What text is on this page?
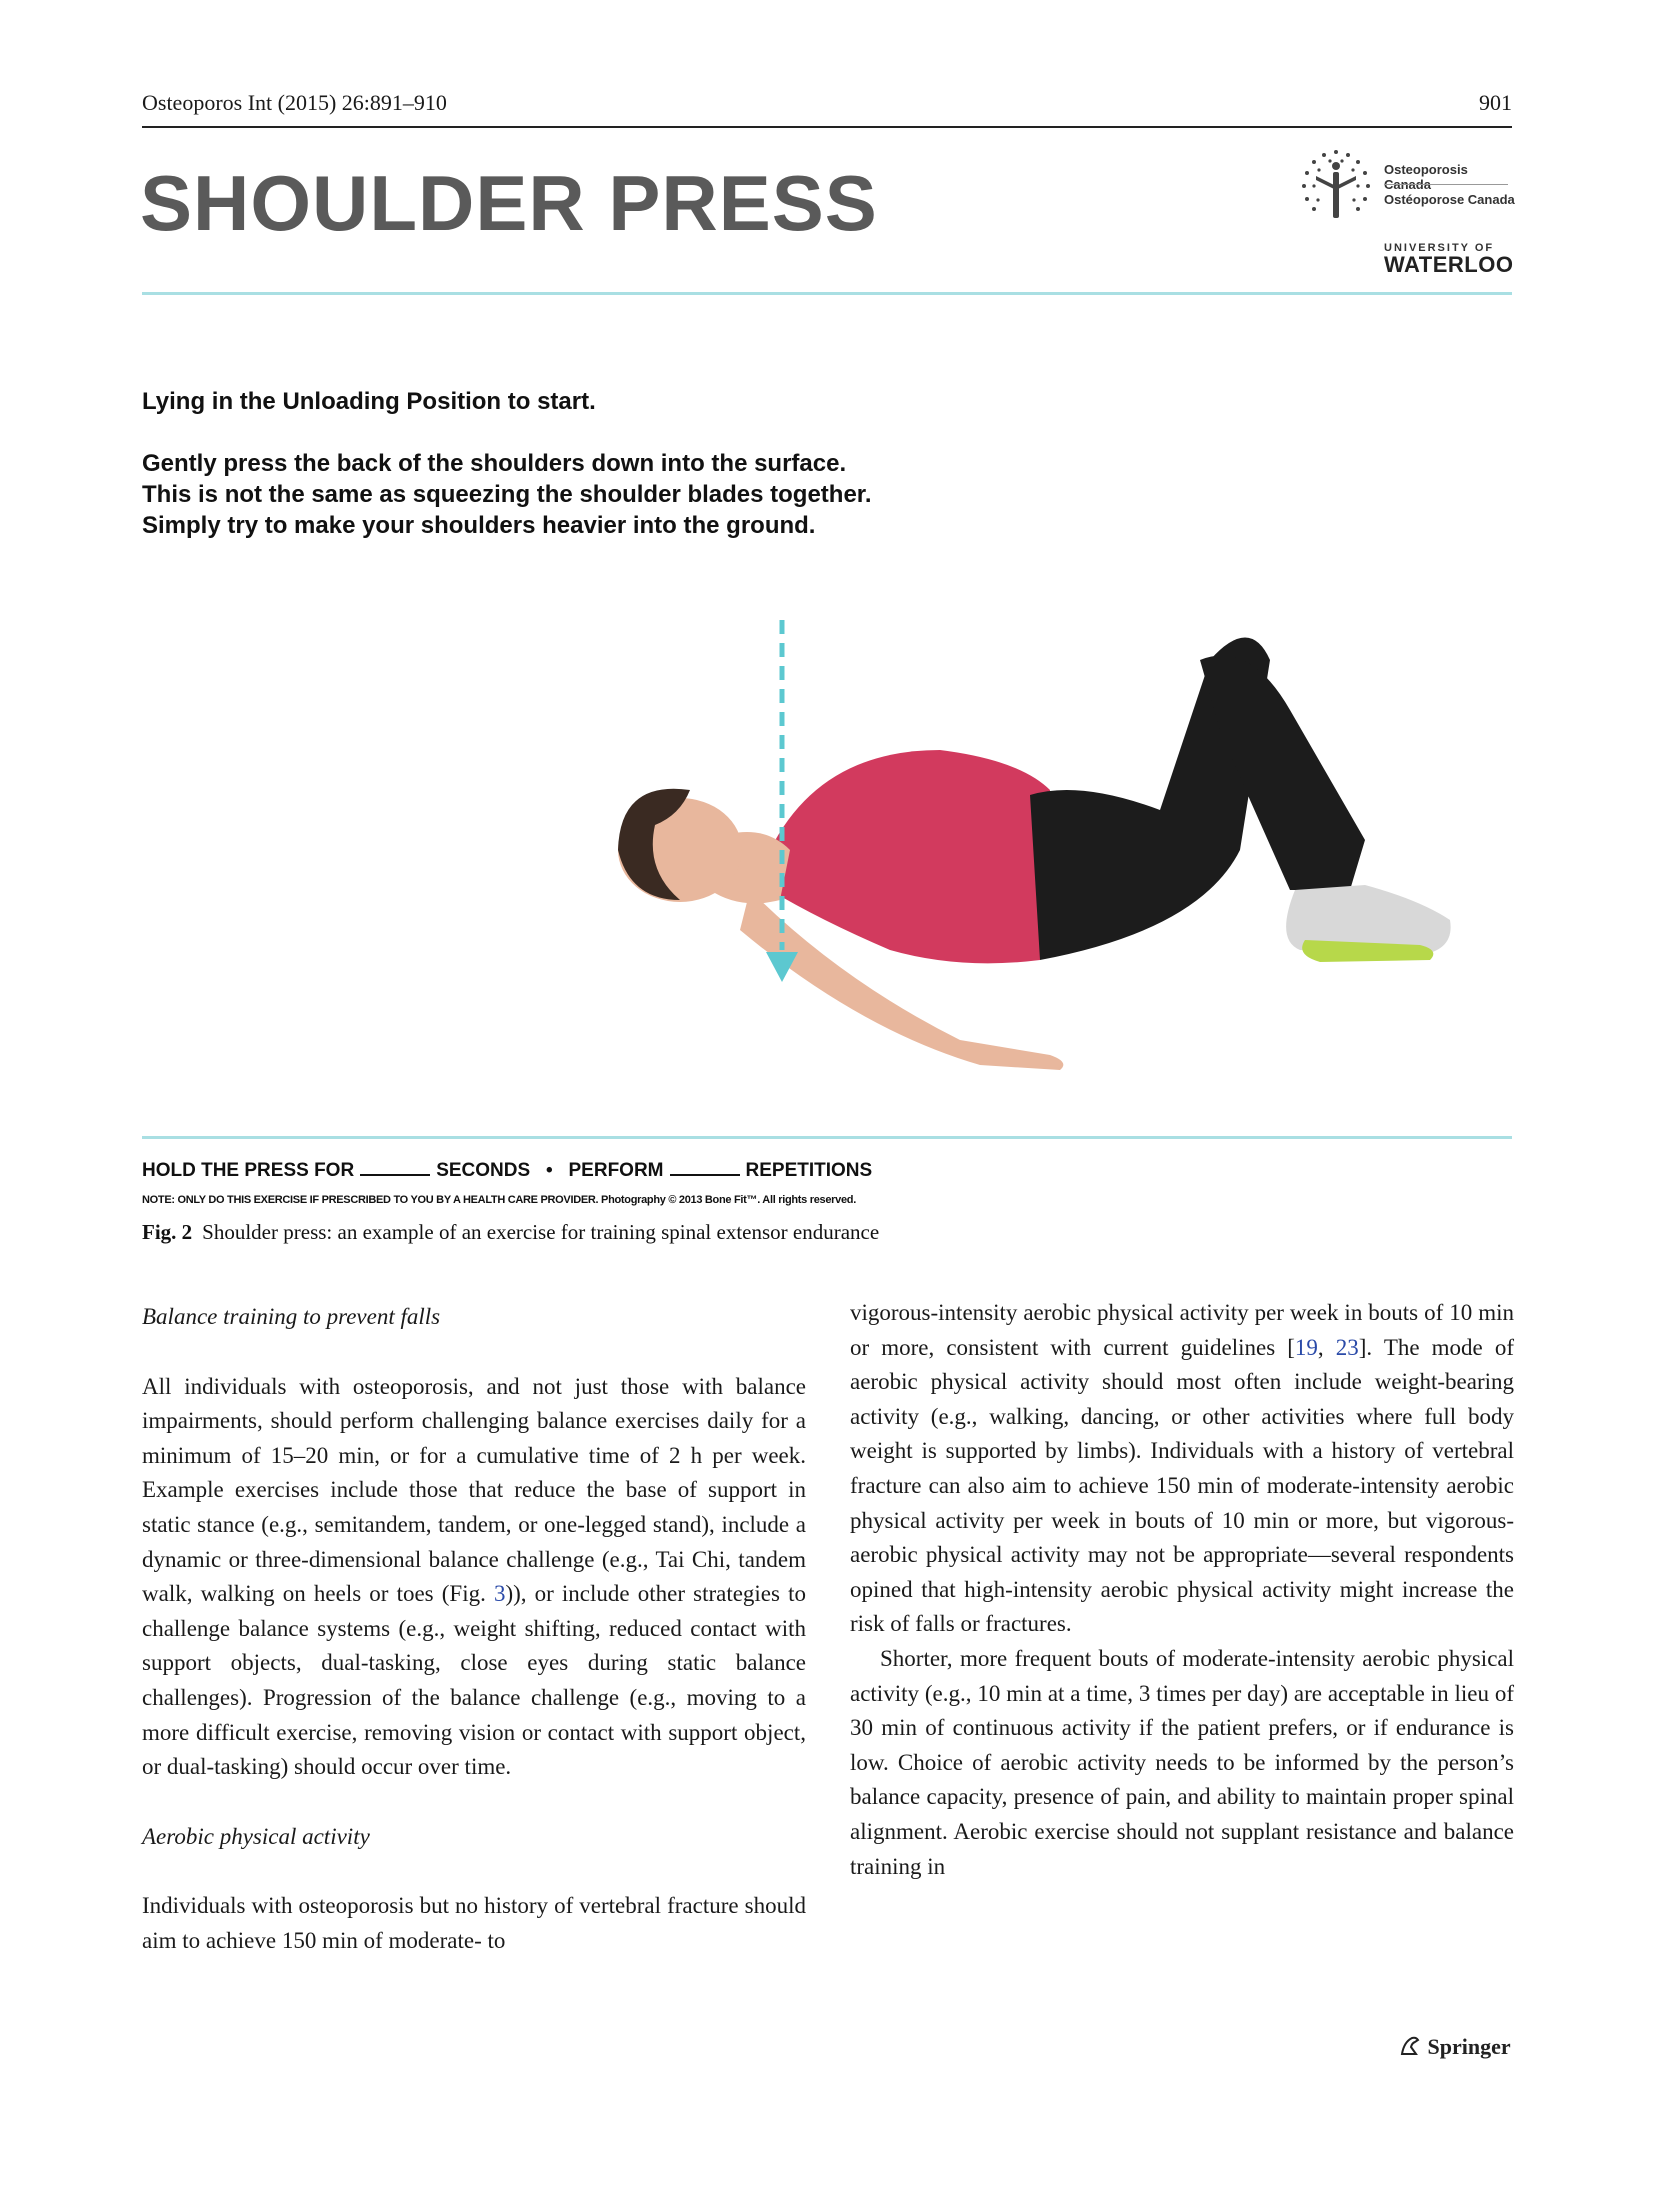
Osteoporos Int (2015) 26:891–910	901
SHOULDER PRESS	Osteoporosis Canada
Ostéoporose Canada
UNIVERSITY OF
WATERLOO
Lying in the Unloading Position to start.
Gently press the back of the shoulders down into the surface.
This is not the same as squeezing the shoulder blades together.
Simply try to make your shoulders heavier into the ground.
HOLD THE PRESS FOR	SECONDS • PERFORM	REPETITIONS
NOTE: ONLY DO THIS EXERCISE IF PRESCRIBED TO YOU BY A HEALTH CARE PROVIDER. Photography © 2013 Bone Fit™. All rights reserved.
Fig. 2 Shoulder press: an example of an exercise for training spinal extensor endurance

Balance training to prevent falls

All individuals with osteoporosis, and not just those with balance impairments, should perform challenging balance exercises daily for a minimum of 15–20 min, or for a cumulative time of 2 h per week. Example exercises include those that reduce the base of support in static stance (e.g., semitandem, tandem, or one-legged stand), include a dynamic or three-dimensional balance challenge (e.g., Tai Chi, tandem walk, walking on heels or toes (Fig. 3)), or include other strategies to challenge balance systems (e.g., weight shifting, reduced contact with support objects, dual-tasking, close eyes during static balance challenges). Progression of the balance challenge (e.g., moving to a more difficult exercise, removing vision or contact with support object, or dual-tasking) should occur over time.

Aerobic physical activity

Individuals with osteoporosis but no history of vertebral fracture should aim to achieve 150 min of moderate- to

vigorous-intensity aerobic physical activity per week in bouts of 10 min or more, consistent with current guidelines [19, 23]. The mode of aerobic physical activity should most often include weight-bearing activity (e.g., walking, dancing, or other activities where full body weight is supported by limbs). Individuals with a history of vertebral fracture can also aim to achieve 150 min of moderate-intensity aerobic physical activity per week in bouts of 10 min or more, but vigorous-aerobic physical activity may not be appropriate—several respondents opined that high-intensity aerobic physical activity might increase the risk of falls or fractures.

Shorter, more frequent bouts of moderate-intensity aerobic physical activity (e.g., 10 min at a time, 3 times per day) are acceptable in lieu of 30 min of continuous activity if the patient prefers, or if endurance is low. Choice of aerobic activity needs to be informed by the person’s balance capacity, presence of pain, and ability to maintain proper spinal alignment. Aerobic exercise should not supplant resistance and balance training in

Springer
